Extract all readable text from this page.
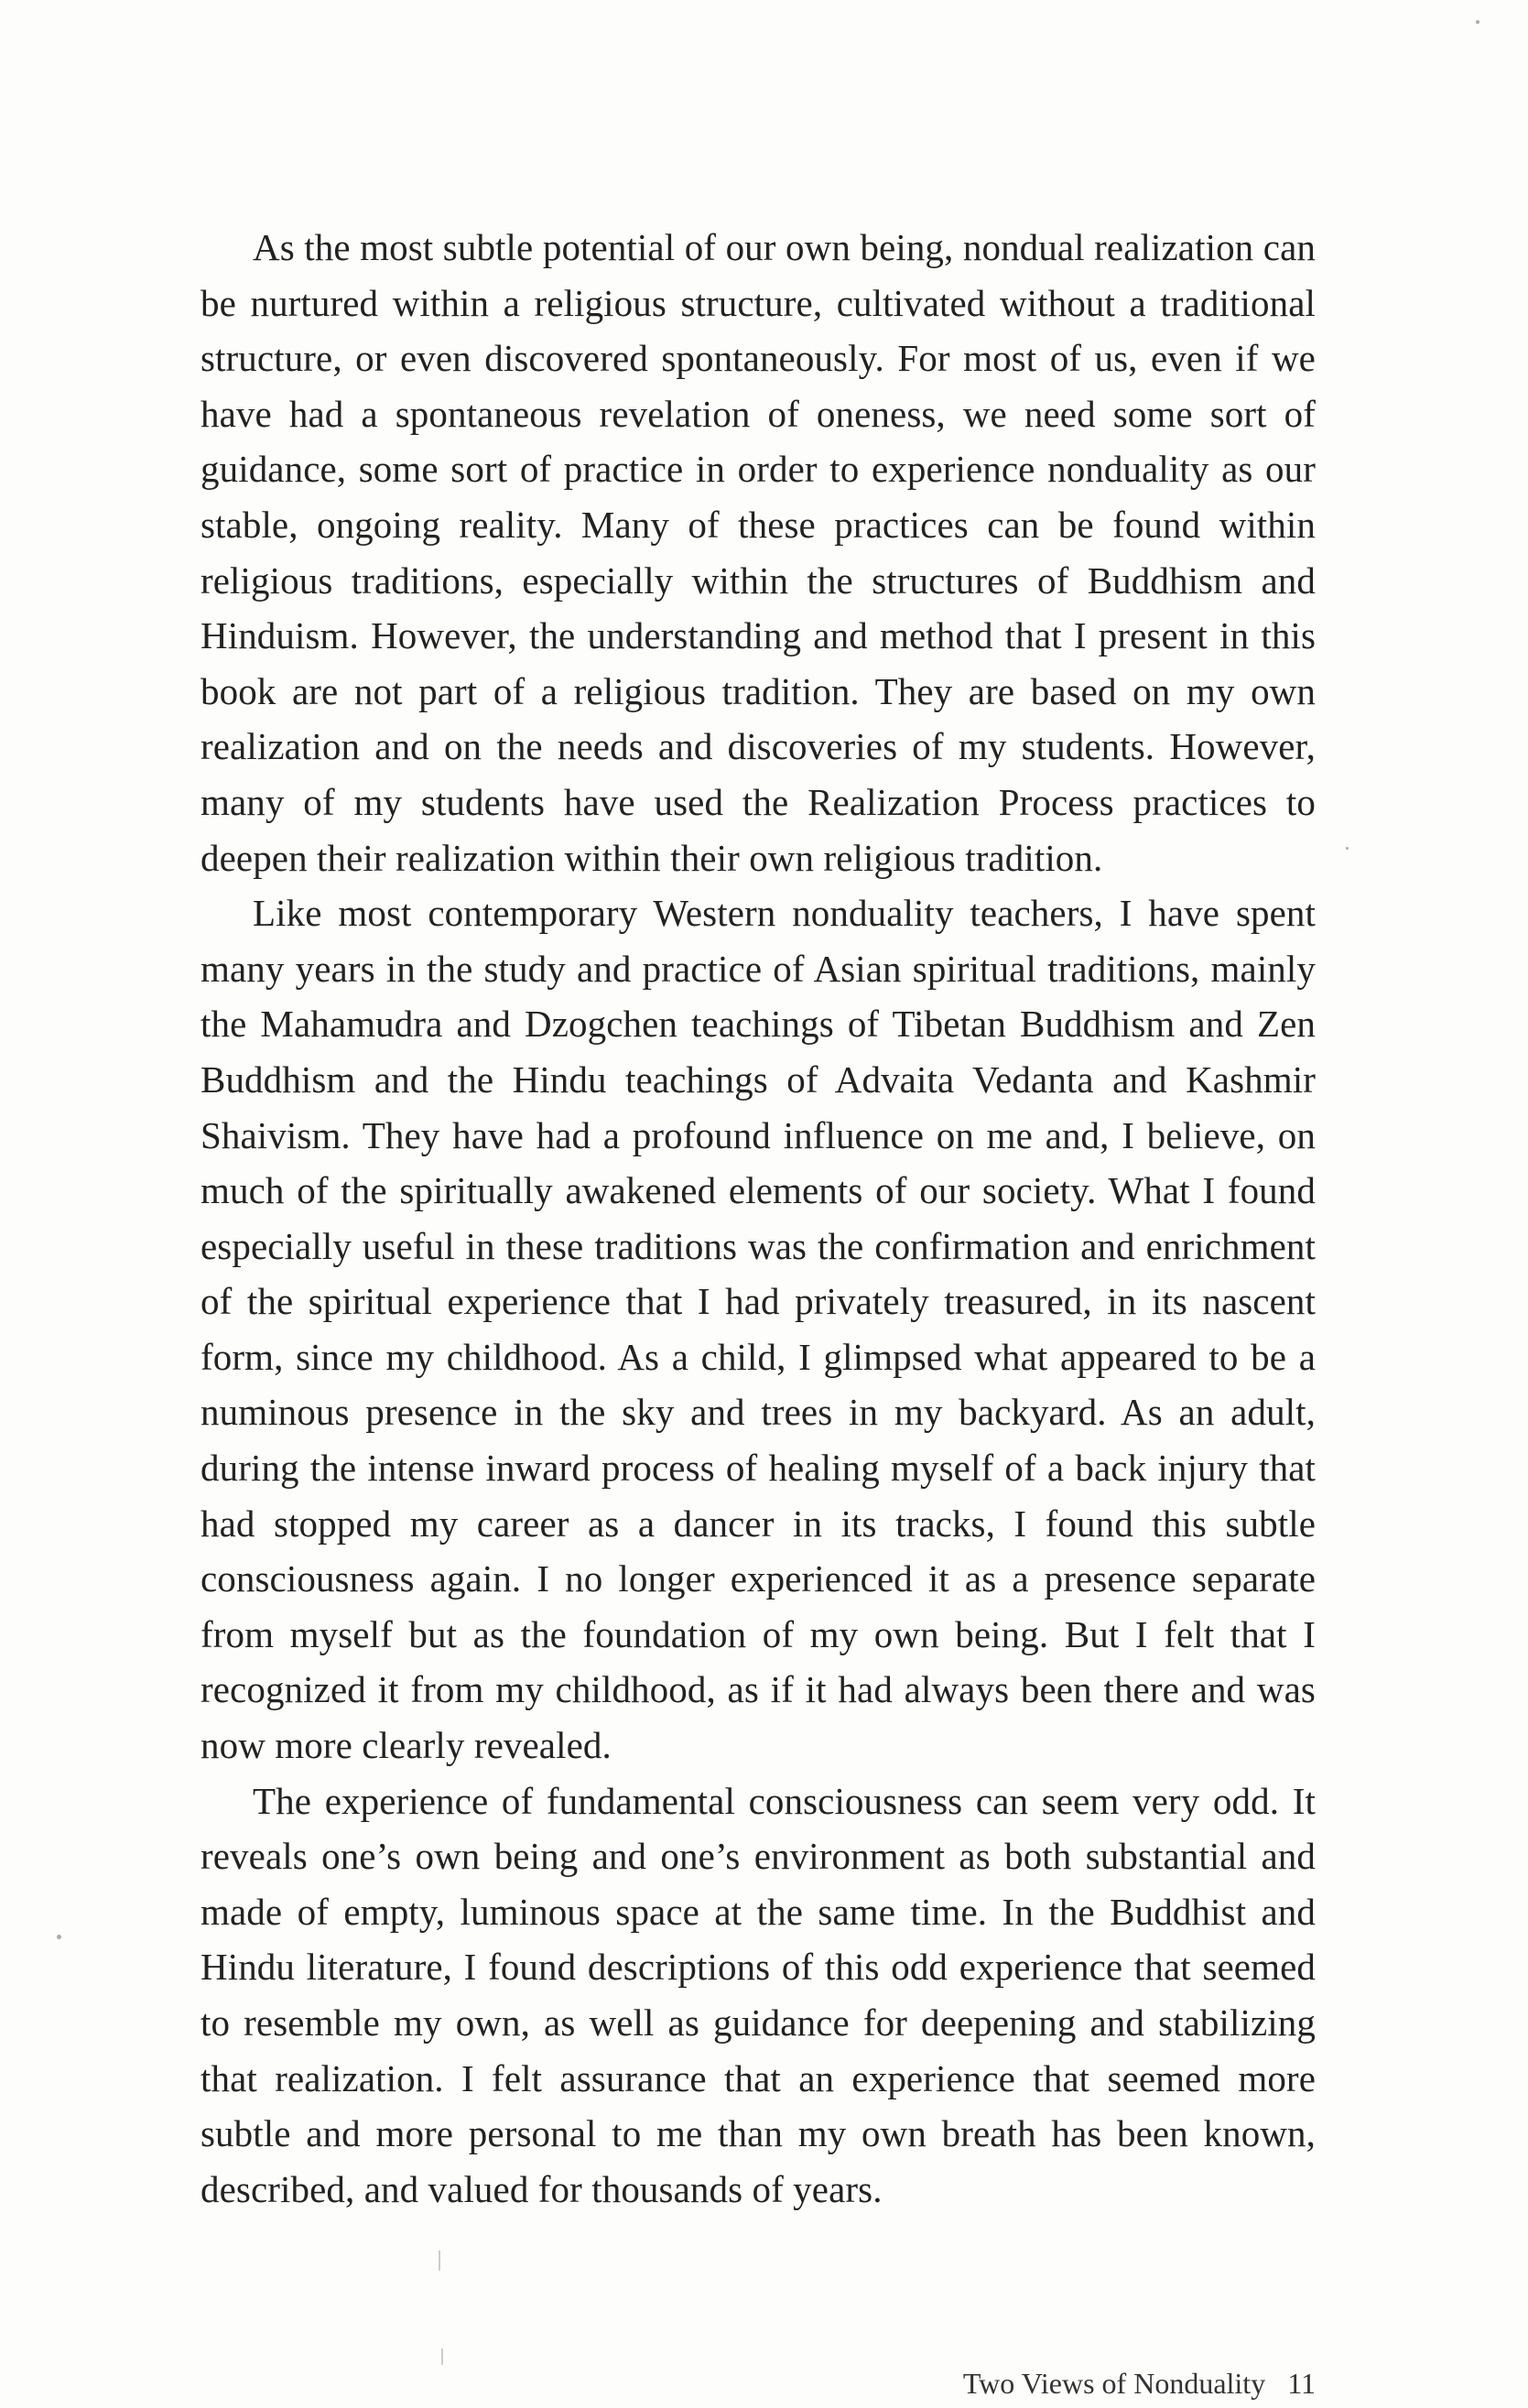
As the most subtle potential of our own being, nondual realization can be nurtured within a religious structure, cultivated without a traditional structure, or even discovered spontaneously. For most of us, even if we have had a spontaneous revelation of oneness, we need some sort of guidance, some sort of practice in order to experience nonduality as our stable, ongoing reality. Many of these practices can be found within religious traditions, especially within the structures of Buddhism and Hinduism. However, the understanding and method that I present in this book are not part of a religious tradition. They are based on my own realization and on the needs and discoveries of my students. However, many of my students have used the Realization Process practices to deepen their realization within their own religious tradition.

Like most contemporary Western nonduality teachers, I have spent many years in the study and practice of Asian spiritual traditions, mainly the Mahamudra and Dzogchen teachings of Tibetan Buddhism and Zen Buddhism and the Hindu teachings of Advaita Vedanta and Kashmir Shaivism. They have had a profound influence on me and, I believe, on much of the spiritually awakened elements of our society. What I found especially useful in these traditions was the confirmation and enrichment of the spiritual experience that I had privately treasured, in its nascent form, since my childhood. As a child, I glimpsed what appeared to be a numinous presence in the sky and trees in my backyard. As an adult, during the intense inward process of healing myself of a back injury that had stopped my career as a dancer in its tracks, I found this subtle consciousness again. I no longer experienced it as a presence separate from myself but as the foundation of my own being. But I felt that I recognized it from my childhood, as if it had always been there and was now more clearly revealed.

The experience of fundamental consciousness can seem very odd. It reveals one’s own being and one’s environment as both substantial and made of empty, luminous space at the same time. In the Buddhist and Hindu literature, I found descriptions of this odd experience that seemed to resemble my own, as well as guidance for deepening and stabilizing that realization. I felt assurance that an experience that seemed more subtle and more personal to me than my own breath has been known, described, and valued for thousands of years.

Two Views of Nonduality 11
